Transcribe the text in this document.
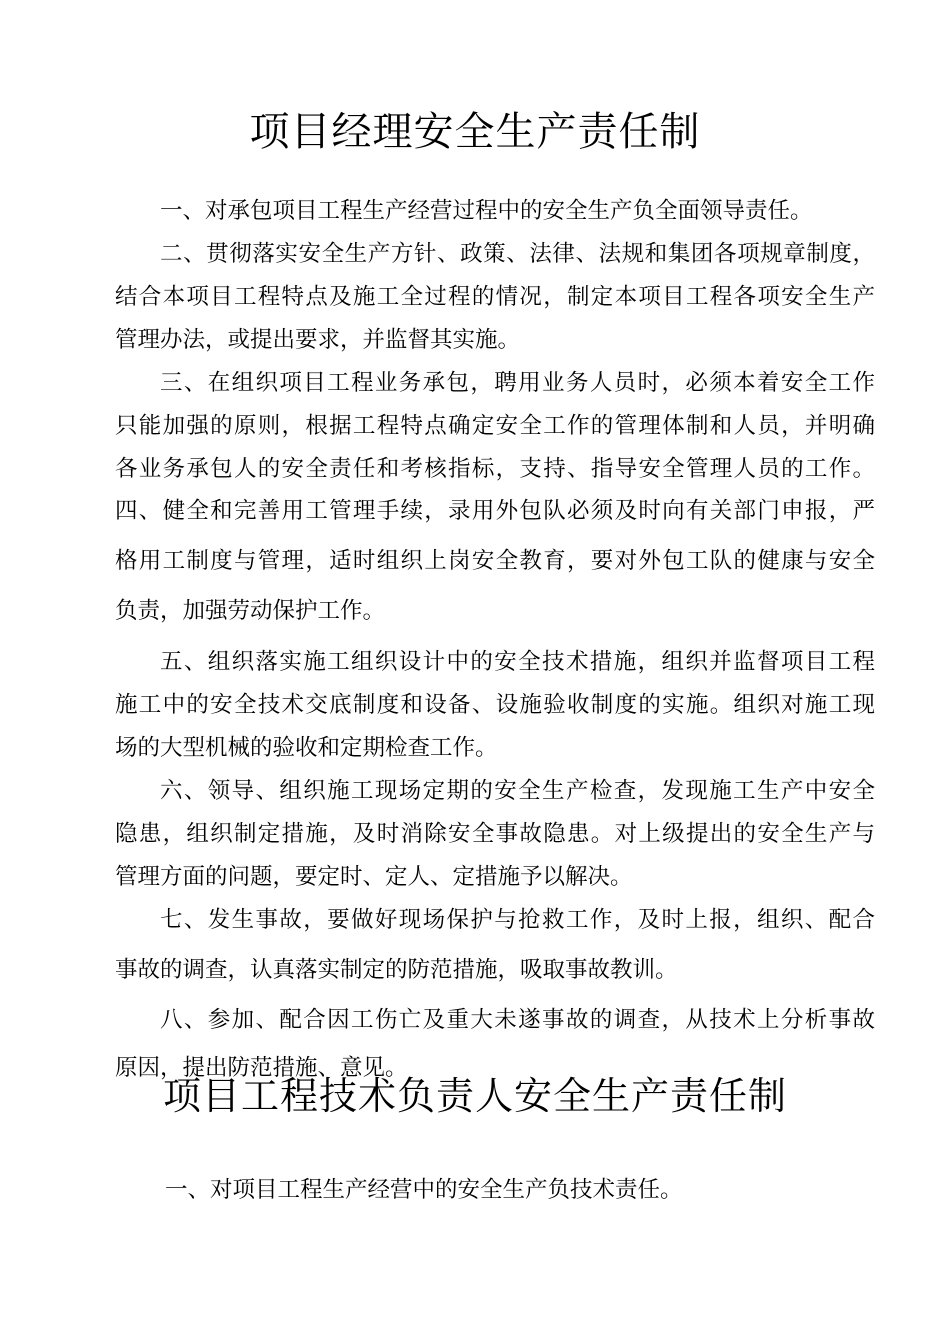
项目经理安全生产责任制
一、对承包项目工程生产经营过程中的安全生产负全面领导责任。
二、贯彻落实安全生产方针、政策、法律、法规和集团各项规章制度，
结合本项目工程特点及施工全过程的情况，制定本项目工程各项安全生产
管理办法，或提出要求，并监督其实施。
三、在组织项目工程业务承包，聘用业务人员时，必须本着安全工作
只能加强的原则，根据工程特点确定安全工作的管理体制和人员，并明确
各业务承包人的安全责任和考核指标，支持、指导安全管理人员的工作。
四、健全和完善用工管理手续，录用外包队必须及时向有关部门申报，严
格用工制度与管理，适时组织上岗安全教育，要对外包工队的健康与安全
负责，加强劳动保护工作。
五、组织落实施工组织设计中的安全技术措施，组织并监督项目工程
施工中的安全技术交底制度和设备、设施验收制度的实施。组织对施工现
场的大型机械的验收和定期检查工作。
六、领导、组织施工现场定期的安全生产检查，发现施工生产中安全
隐患，组织制定措施，及时消除安全事故隐患。对上级提出的安全生产与
管理方面的问题，要定时、定人、定措施予以解决。
七、发生事故，要做好现场保护与抢救工作，及时上报，组织、配合
事故的调查，认真落实制定的防范措施，吸取事故教训。
八、参加、配合因工伤亡及重大未遂事故的调查，从技术上分析事故
原因，提出防范措施、意见。
项目工程技术负责人安全生产责任制
一、对项目工程生产经营中的安全生产负技术责任。
